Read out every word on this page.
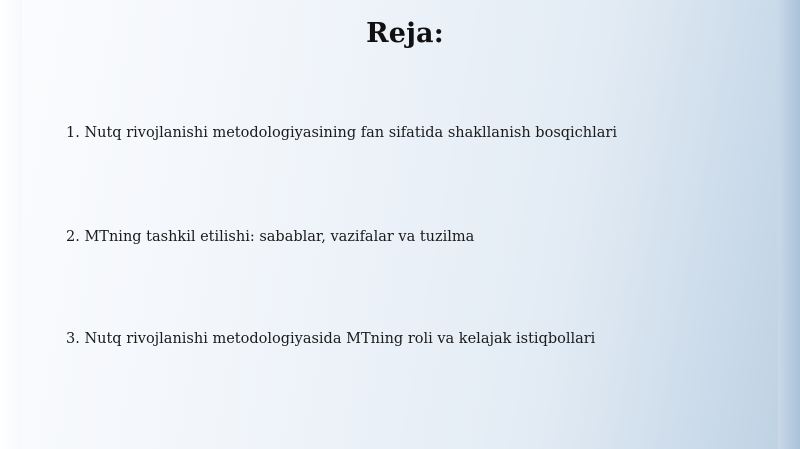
Reja:
1. Nutq rivojlanishi metodologiyasining fan sifatida shakllanish bosqichlari
2. MTning tashkil etilishi: sabablar, vazifalar va tuzilma
3. Nutq rivojlanishi metodologiyasida MTning roli va kelajak istiqbollari
